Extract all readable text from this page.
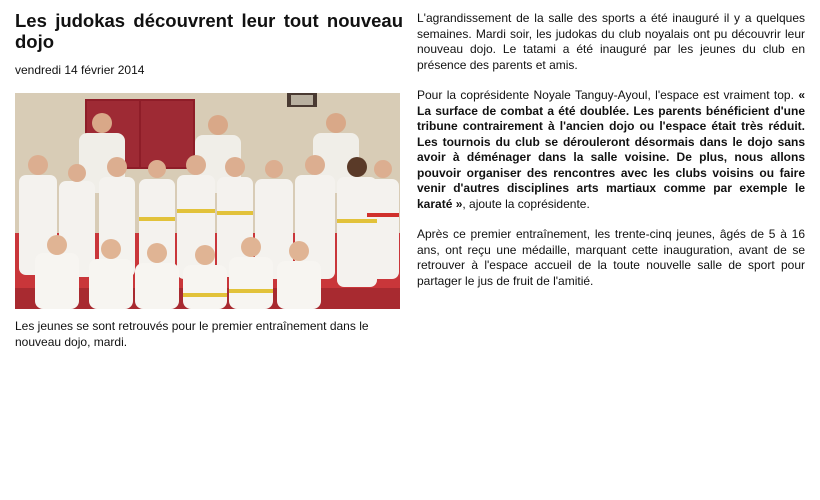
Les judokas découvrent leur tout nouveau dojo
vendredi 14 février 2014
Les jeunes se sont retrouvés pour le premier entraînement dans le nouveau dojo, mardi.

L'agrandissement de la salle des sports a été inauguré il y a quelques semaines. Mardi soir, les judokas du club noyalais ont pu découvrir leur nouveau dojo. Le tatami a été inauguré par les jeunes du club en présence des parents et amis.

Pour la coprésidente Noyale Tanguy-Ayoul, l'espace est vraiment top. « La surface de combat a été doublée. Les parents bénéficient d'une tribune contrairement à l'ancien dojo ou l'espace était très réduit. Les tournois du club se dérouleront désormais dans le dojo sans avoir à déménager dans la salle voisine. De plus, nous allons pouvoir organiser des rencontres avec les clubs voisins ou faire venir d'autres disciplines arts martiaux comme par exemple le karaté », ajoute la coprésidente.

Après ce premier entraînement, les trente-cinq jeunes, âgés de 5 à 16 ans, ont reçu une médaille, marquant cette inauguration, avant de se retrouver à l'espace accueil de la toute nouvelle salle de sport pour partager le jus de fruit de l'amitié.
